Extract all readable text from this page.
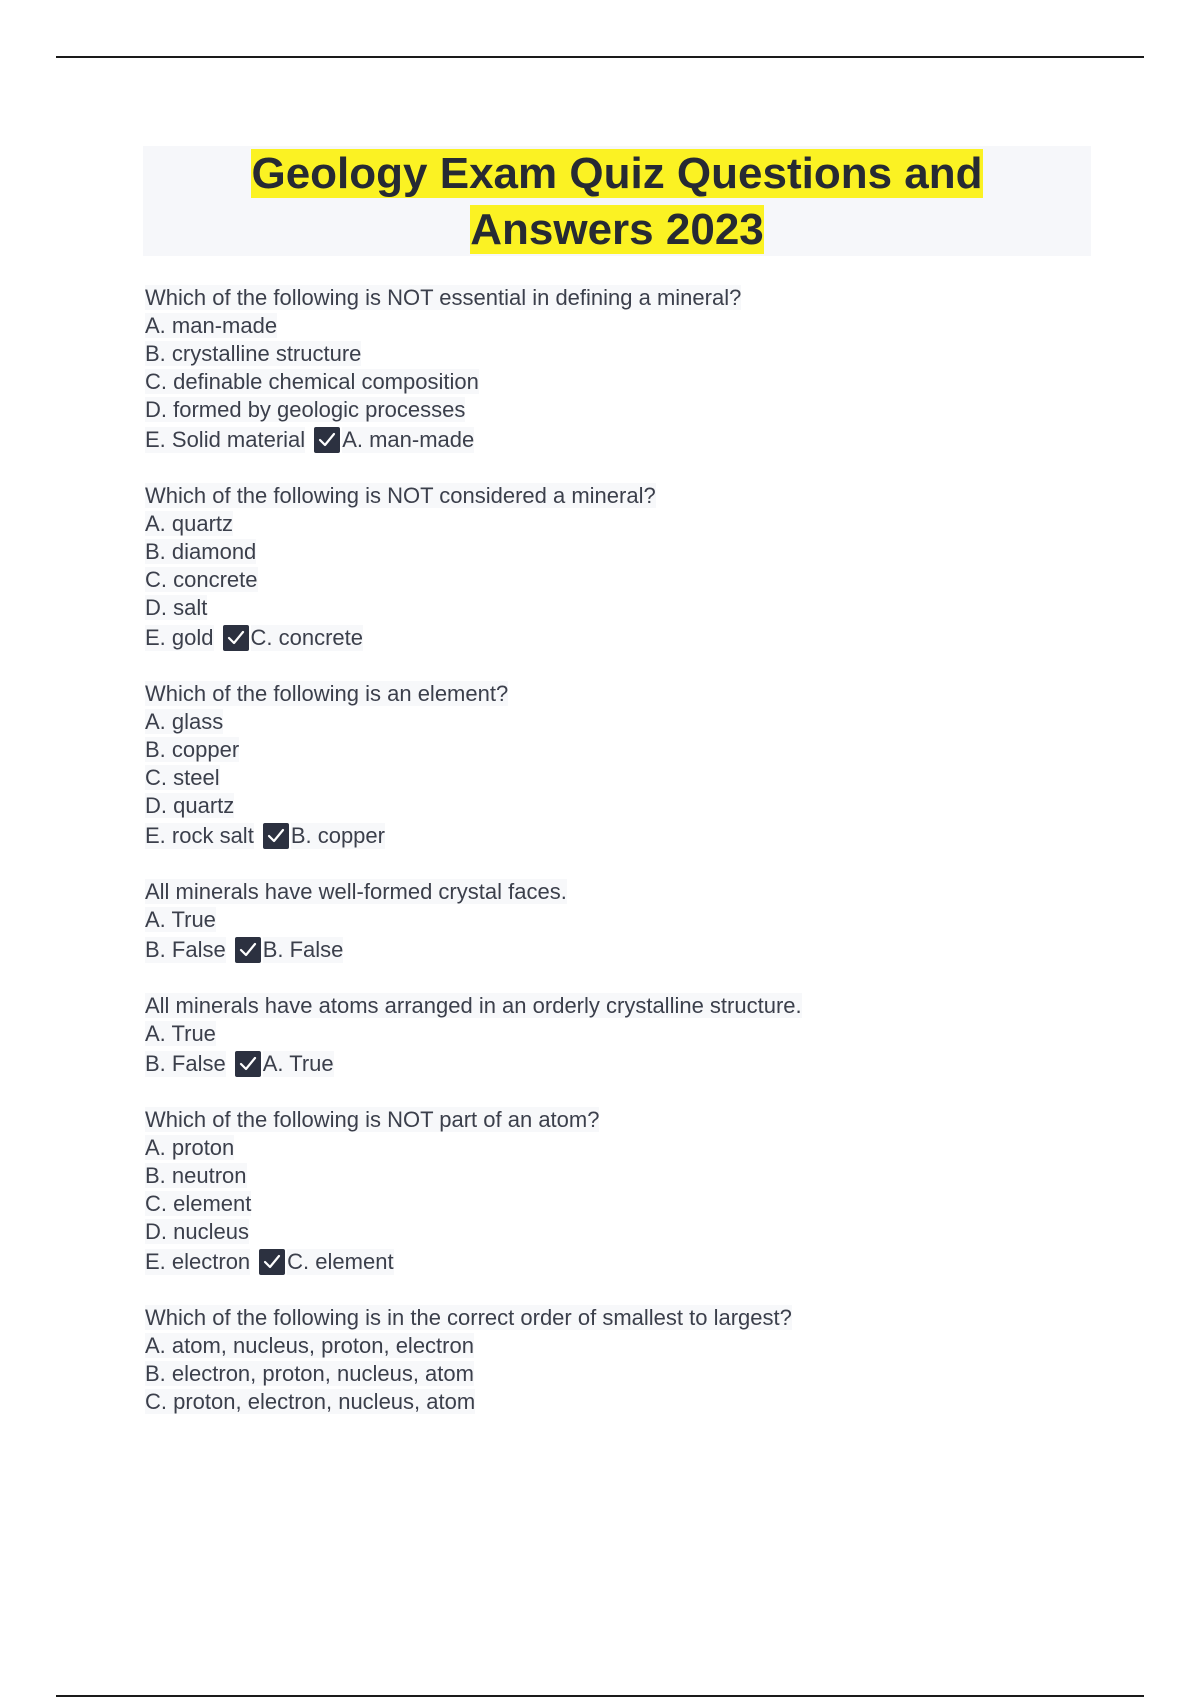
Geology Exam Quiz Questions and Answers 2023
Which of the following is NOT essential in defining a mineral?
A. man-made
B. crystalline structure
C. definable chemical composition
D. formed by geologic processes
E. Solid material A. man-made
Which of the following is NOT considered a mineral?
A. quartz
B. diamond
C. concrete
D. salt
E. gold C. concrete
Which of the following is an element?
A. glass
B. copper
C. steel
D. quartz
E. rock salt B. copper
All minerals have well-formed crystal faces.
A. True
B. False B. False
All minerals have atoms arranged in an orderly crystalline structure.
A. True
B. False A. True
Which of the following is NOT part of an atom?
A. proton
B. neutron
C. element
D. nucleus
E. electron C. element
Which of the following is in the correct order of smallest to largest?
A. atom, nucleus, proton, electron
B. electron, proton, nucleus, atom
C. proton, electron, nucleus, atom
